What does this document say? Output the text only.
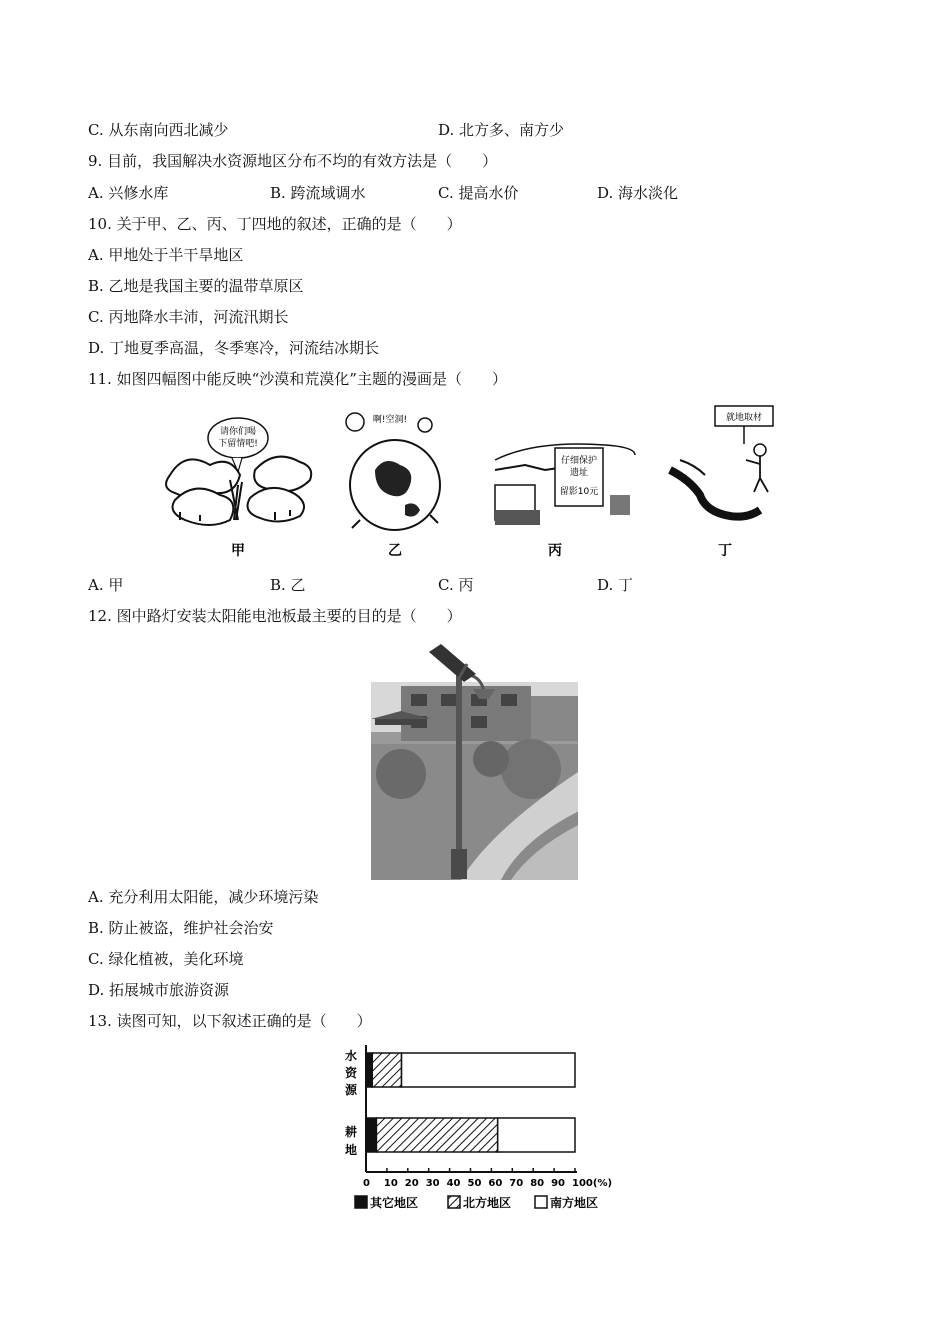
C. 从东南向西北减少	D. 北方多、南方少
9. 目前，我国解决水资源地区分布不均的有效方法是（　　）
A. 兴修水库	B. 跨流域调水	C. 提高水价	D. 海水淡化
10. 关于甲、乙、丙、丁四地的叙述，正确的是（　　）
A. 甲地处于半干旱地区
B. 乙地是我国主要的温带草原区
C. 丙地降水丰沛，河流汛期长
D. 丁地夏季高温，冬季寒冷，河流结冰期长
11. 如图四幅图中能反映“沙漠和荒漠化”主题的漫画是（　　）
请你们喝
下留情吧!
甲
啊!空洞!
乙
仔细保护
遗址
留影10元
丙
就地取材
丁
A. 甲	B. 乙	C. 丙	D. 丁
12. 图中路灯安装太阳能电池板最主要的目的是（　　）
A. 充分利用太阳能，减少环境污染
B. 防止被盗，维护社会治安
C. 绿化植被，美化环境
D. 拓展城市旅游资源
13. 读图可知，以下叙述正确的是（　　）
水
资
源
耕
地
0 10 20 30 40 50 60 70 80 90 100(%)
其它地区	北方地区	南方地区
